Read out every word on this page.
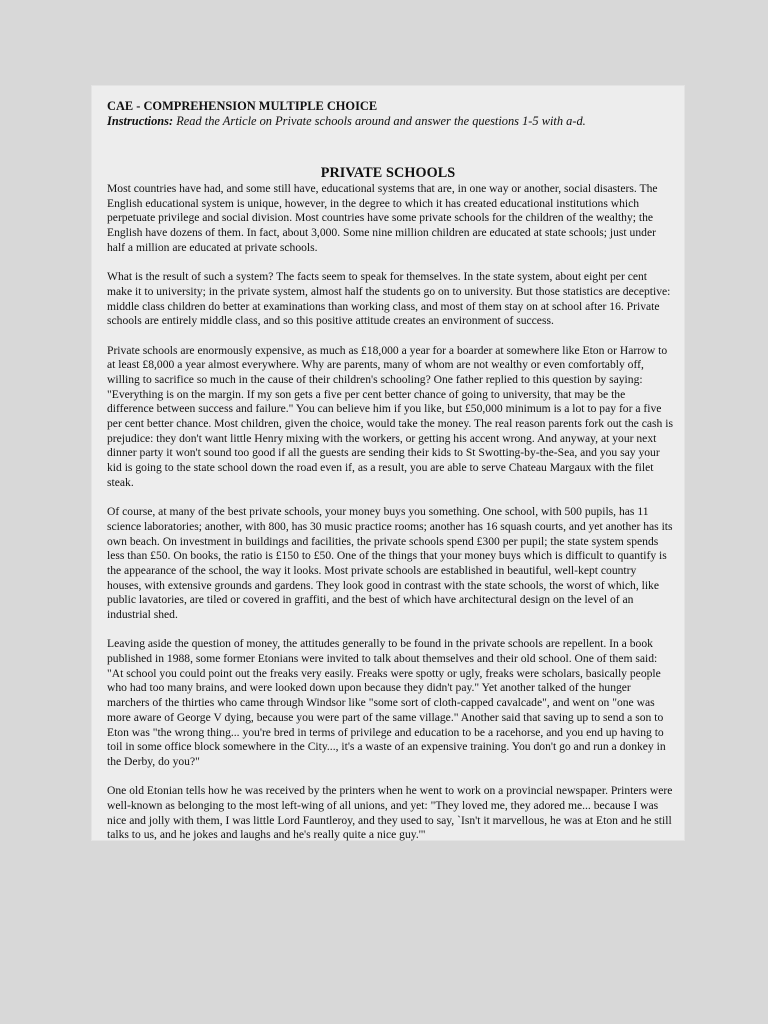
CAE - COMPREHENSION MULTIPLE CHOICE
Instructions: Read the Article on Private schools around and answer the questions 1-5 with a-d.
PRIVATE SCHOOLS

Most countries have had, and some still have, educational systems that are, in one way or another, social disasters. The English educational system is unique, however, in the degree to which it has created educational institutions which perpetuate privilege and social division. Most countries have some private schools for the children of the wealthy; the English have dozens of them. In fact, about 3,000. Some nine million children are educated at state schools; just under half a million are educated at private schools.

What is the result of such a system? The facts seem to speak for themselves. In the state system, about eight per cent make it to university; in the private system, almost half the students go on to university. But those statistics are deceptive: middle class children do better at examinations than working class, and most of them stay on at school after 16. Private schools are entirely middle class, and so this positive attitude creates an environment of success.

Private schools are enormously expensive, as much as £18,000 a year for a boarder at somewhere like Eton or Harrow to at least £8,000 a year almost everywhere. Why are parents, many of whom are not wealthy or even comfortably off, willing to sacrifice so much in the cause of their children's schooling? One father replied to this question by saying: "Everything is on the margin. If my son gets a five per cent better chance of going to university, that may be the difference between success and failure." You can believe him if you like, but £50,000 minimum is a lot to pay for a five per cent better chance. Most children, given the choice, would take the money. The real reason parents fork out the cash is prejudice: they don't want little Henry mixing with the workers, or getting his accent wrong. And anyway, at your next dinner party it won't sound too good if all the guests are sending their kids to St Swotting-by-the-Sea, and you say your kid is going to the state school down the road even if, as a result, you are able to serve Chateau Margaux with the filet steak.

Of course, at many of the best private schools, your money buys you something. One school, with 500 pupils, has 11 science laboratories; another, with 800, has 30 music practice rooms; another has 16 squash courts, and yet another has its own beach. On investment in buildings and facilities, the private schools spend £300 per pupil; the state system spends less than £50. On books, the ratio is £150 to £50. One of the things that your money buys which is difficult to quantify is the appearance of the school, the way it looks. Most private schools are established in beautiful, well-kept country houses, with extensive grounds and gardens. They look good in contrast with the state schools, the worst of which, like public lavatories, are tiled or covered in graffiti, and the best of which have architectural design on the level of an industrial shed.

Leaving aside the question of money, the attitudes generally to be found in the private schools are repellent. In a book published in 1988, some former Etonians were invited to talk about themselves and their old school. One of them said: "At school you could point out the freaks very easily. Freaks were spotty or ugly, freaks were scholars, basically people who had too many brains, and were looked down upon because they didn't pay." Yet another talked of the hunger marchers of the thirties who came through Windsor like "some sort of cloth-capped cavalcade", and went on "one was more aware of George V dying, because you were part of the same village." Another said that saving up to send a son to Eton was "the wrong thing... you're bred in terms of privilege and education to be a racehorse, and you end up having to toil in some office block somewhere in the City..., it's a waste of an expensive training. You don't go and run a donkey in the Derby, do you?"

One old Etonian tells how he was received by the printers when he went to work on a provincial newspaper. Printers were well-known as belonging to the most left-wing of all unions, and yet: "They loved me, they adored me... because I was nice and jolly with them, I was little Lord Fauntleroy, and they used to say, `Isn't it marvellous, he was at Eton and he still talks to us, and he jokes and laughs and he's really quite a nice guy.'"
